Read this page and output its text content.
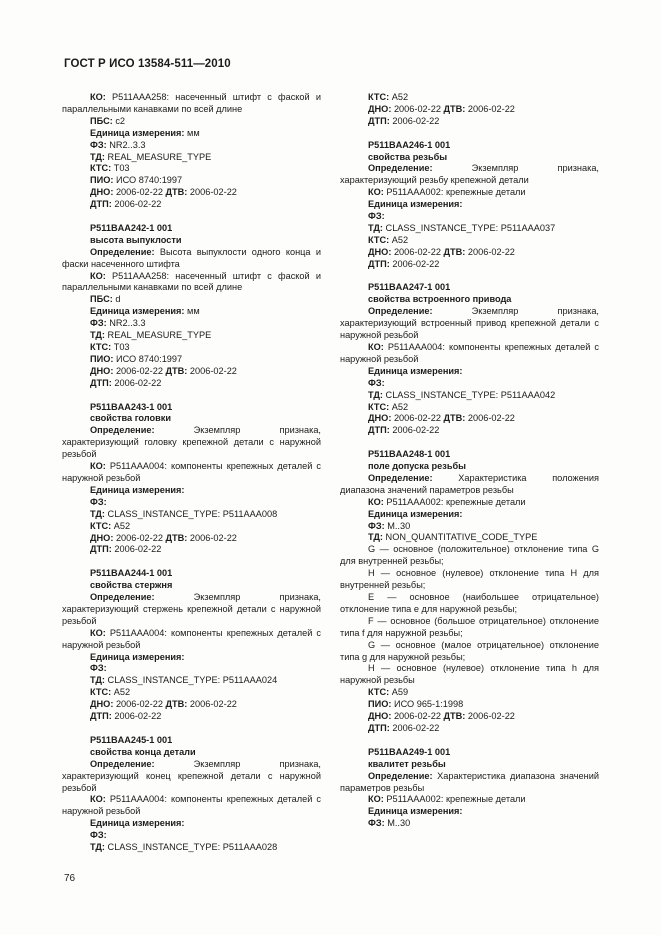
ГОСТ Р ИСО 13584-511—2010

КО: P511AAA258: насеченный штифт с фаской и параллельными канавками по всей длине

ПБС: c2

Единица измерения: мм

ФЗ: NR2..3.3

ТД: REAL_MEASURE_TYPE

КТС: T03

ПИО: ИСО 8740:1997

ДНО: 2006-02-22 ДТВ: 2006-02-22

ДТП: 2006-02-22

P511BAA242-1 001

высота выпуклости

Определение: Высота выпуклости одного конца и фаски насеченного штифта

КО: P511AAA258: насеченный штифт с фаской и параллельными канавками по всей длине

ПБС: d

Единица измерения: мм

ФЗ: NR2..3.3

ТД: REAL_MEASURE_TYPE

КТС: T03

ПИО: ИСО 8740:1997

ДНО: 2006-02-22 ДТВ: 2006-02-22

ДТП: 2006-02-22

P511BAA243-1 001

свойства головки

Определение: Экземпляр признака, характеризующий головку крепежной детали с наружной резьбой

КО: P511AAA004: компоненты крепежных деталей с наружной резьбой

Единица измерения:

ФЗ:

ТД: CLASS_INSTANCE_TYPE: P511AAA008

КТС: A52

ДНО: 2006-02-22 ДТВ: 2006-02-22

ДТП: 2006-02-22

P511BAA244-1 001

свойства стержня

Определение: Экземпляр признака, характеризующий стержень крепежной детали с наружной резьбой

КО: P511AAA004: компоненты крепежных деталей с наружной резьбой

Единица измерения:

ФЗ:

ТД: CLASS_INSTANCE_TYPE: P511AAA024

КТС: A52

ДНО: 2006-02-22 ДТВ: 2006-02-22

ДТП: 2006-02-22

P511BAA245-1 001

свойства конца детали

Определение: Экземпляр признака, характеризующий конец крепежной детали с наружной резьбой

КО: P511AAA004: компоненты крепежных деталей с наружной резьбой

Единица измерения:

ФЗ:

ТД: CLASS_INSTANCE_TYPE: P511AAA028

КТС: A52

ДНО: 2006-02-22 ДТВ: 2006-02-22

ДТП: 2006-02-22

P511BAA246-1 001

свойства резьбы

Определение: Экземпляр признака, характеризующий резьбу крепежной детали

КО: P511AAA002: крепежные детали

Единица измерения:

ФЗ:

ТД: CLASS_INSTANCE_TYPE: P511AAA037

КТС: A52

ДНО: 2006-02-22 ДТВ: 2006-02-22

ДТП: 2006-02-22

P511BAA247-1 001

свойства встроенного привода

Определение: Экземпляр признака, характеризующий встроенный привод крепежной детали с наружной резьбой

КО: P511AAA004: компоненты крепежных деталей с наружной резьбой

Единица измерения:

ФЗ:

ТД: CLASS_INSTANCE_TYPE: P511AAA042

КТС: A52

ДНО: 2006-02-22 ДТВ: 2006-02-22

ДТП: 2006-02-22

P511BAA248-1 001

поле допуска резьбы

Определение: Характеристика положения диапазона значений параметров резьбы

КО: P511AAA002: крепежные детали

Единица измерения:

ФЗ: M..30

ТД: NON_QUANTITATIVE_CODE_TYPE

G — основное (положительное) отклонение типа G для внутренней резьбы;

H — основное (нулевое) отклонение типа H для внутренней резьбы;

E — основное (наибольшее отрицательное) отклонение типа e для наружной резьбы;

F — основное (большое отрицательное) отклонение типа f для наружной резьбы;

G — основное (малое отрицательное) отклонение типа g для наружной резьбы;

H — основное (нулевое) отклонение типа h для наружной резьбы

КТС: A59

ПИО: ИСО 965-1:1998

ДНО: 2006-02-22 ДТВ: 2006-02-22

ДТП: 2006-02-22

P511BAA249-1 001

квалитет резьбы

Определение: Характеристика диапазона значений параметров резьбы

КО: P511AAA002: крепежные детали

Единица измерения:

ФЗ: M..30

76
